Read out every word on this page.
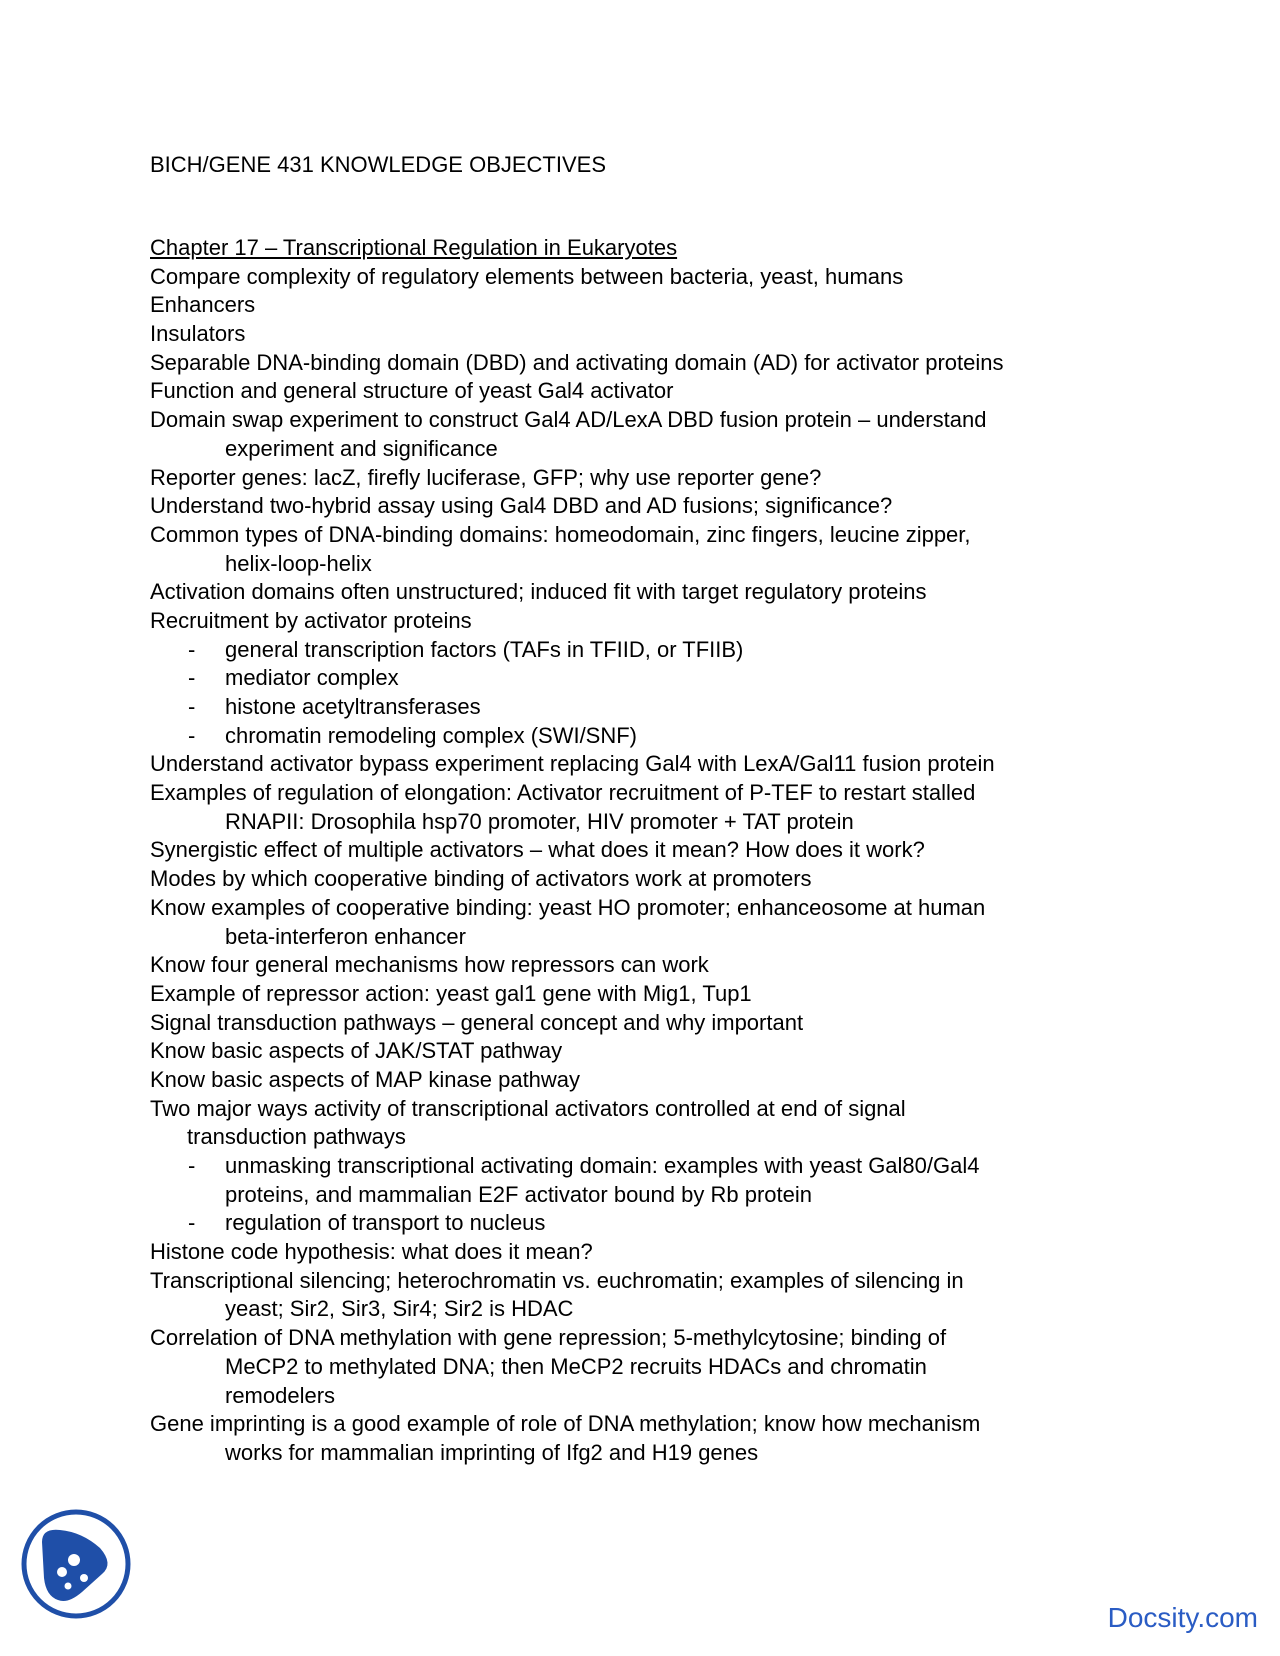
BICH/GENE 431 KNOWLEDGE OBJECTIVES
Chapter 17 – Transcriptional Regulation in Eukaryotes
Compare complexity of regulatory elements between bacteria, yeast, humans
Enhancers
Insulators
Separable DNA-binding domain (DBD) and activating domain (AD) for activator proteins
Function and general structure of yeast Gal4 activator
Domain swap experiment to construct Gal4 AD/LexA DBD fusion protein – understand
experiment and significance
Reporter genes: lacZ, firefly luciferase, GFP; why use reporter gene?
Understand two-hybrid assay using Gal4 DBD and AD fusions; significance?
Common types of DNA-binding domains: homeodomain, zinc fingers, leucine zipper,
helix-loop-helix
Activation domains often unstructured; induced fit with target regulatory proteins
Recruitment by activator proteins
- general transcription factors (TAFs in TFIID, or TFIIB)
- mediator complex
- histone acetyltransferases
- chromatin remodeling complex (SWI/SNF)
Understand activator bypass experiment replacing Gal4 with LexA/Gal11 fusion protein
Examples of regulation of elongation: Activator recruitment of P-TEF to restart stalled
RNAPII: Drosophila hsp70 promoter, HIV promoter + TAT protein
Synergistic effect of multiple activators – what does it mean? How does it work?
Modes by which cooperative binding of activators work at promoters
Know examples of cooperative binding: yeast HO promoter; enhanceosome at human
beta-interferon enhancer
Know four general mechanisms how repressors can work
Example of repressor action: yeast gal1 gene with Mig1, Tup1
Signal transduction pathways – general concept and why important
Know basic aspects of JAK/STAT pathway
Know basic aspects of MAP kinase pathway
Two major ways activity of transcriptional activators controlled at end of signal
transduction pathways
- unmasking transcriptional activating domain: examples with yeast Gal80/Gal4
proteins, and mammalian E2F activator bound by Rb protein
- regulation of transport to nucleus
Histone code hypothesis: what does it mean?
Transcriptional silencing; heterochromatin vs. euchromatin; examples of silencing in
yeast; Sir2, Sir3, Sir4; Sir2 is HDAC
Correlation of DNA methylation with gene repression; 5-methylcytosine; binding of
MeCP2 to methylated DNA; then MeCP2 recruits HDACs and chromatin
remodelers
Gene imprinting is a good example of role of DNA methylation; know how mechanism
works for mammalian imprinting of Ifg2 and H19 genes
Docsity.com
